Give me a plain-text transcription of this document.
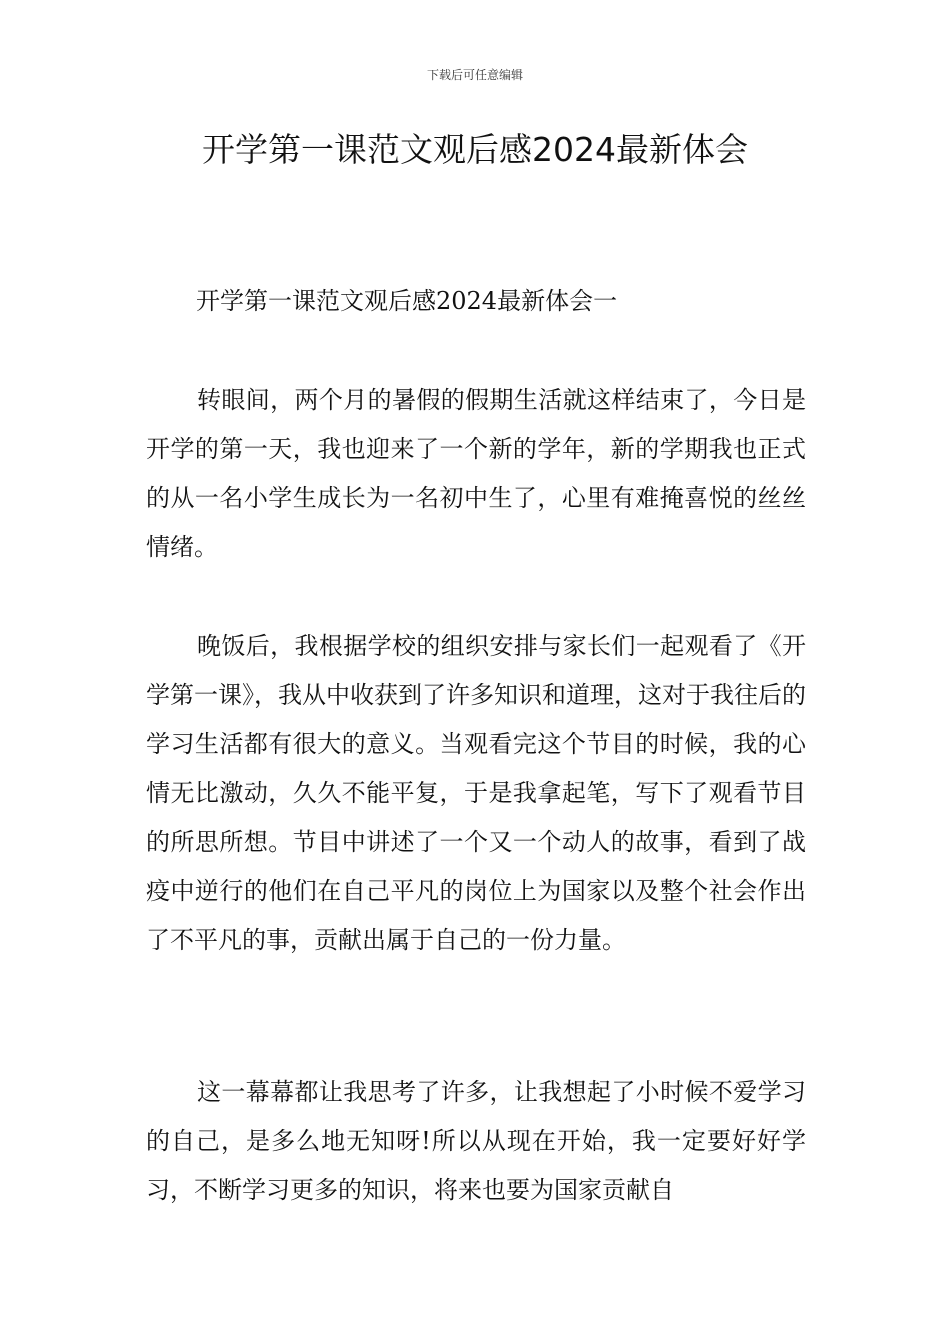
下载后可任意编辑
开学第一课范文观后感2024最新体会
开学第一课范文观后感2024最新体会一

转眼间，两个月的暑假的假期生活就这样结束了，今日是开学的第一天，我也迎来了一个新的学年，新的学期我也正式的从一名小学生成长为一名初中生了，心里有难掩喜悦的丝丝情绪。

晚饭后，我根据学校的组织安排与家长们一起观看了《开学第一课》，我从中收获到了许多知识和道理，这对于我往后的学习生活都有很大的意义。当观看完这个节目的时候，我的心情无比激动，久久不能平复，于是我拿起笔，写下了观看节目的所思所想。节目中讲述了一个又一个动人的故事，看到了战疫中逆行的他们在自己平凡的岗位上为国家以及整个社会作出了不平凡的事，贡献出属于自己的一份力量。

这一幕幕都让我思考了许多，让我想起了小时候不爱学习的自己，是多么地无知呀!所以从现在开始，我一定要好好学习，不断学习更多的知识，将来也要为国家贡献自
